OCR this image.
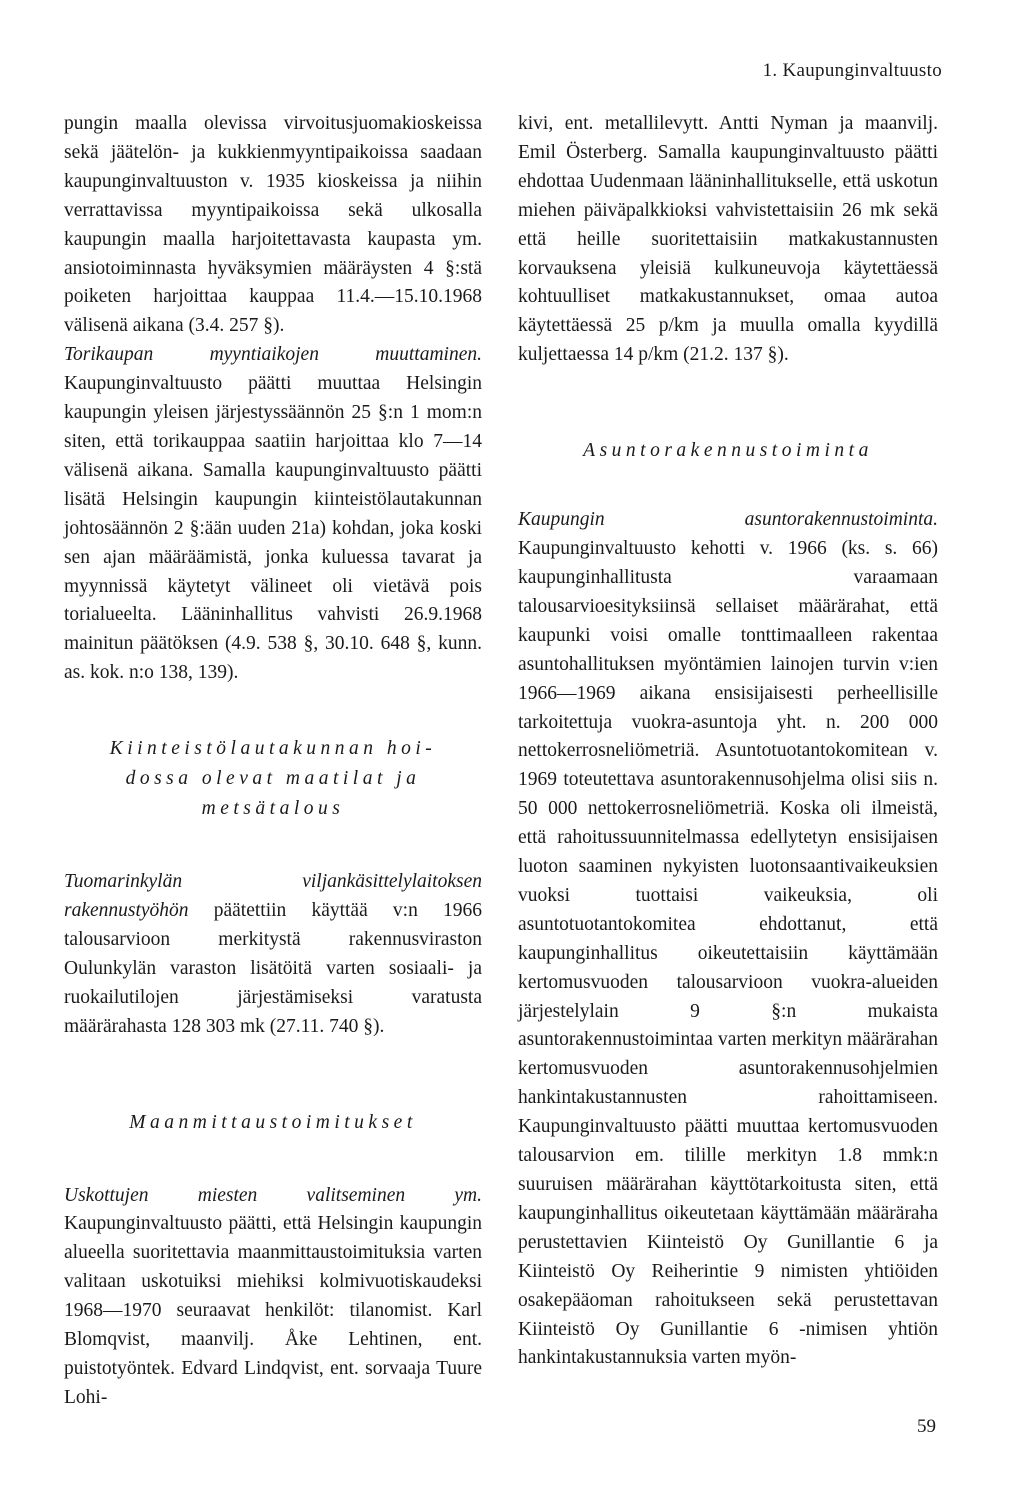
1. Kaupunginvaltuusto

pungin maalla olevissa virvoitusjuomakioskeissa sekä jäätelön- ja kukkienmyyntipaikoissa saadaan kaupunginvaltuuston v. 1935 kioskeissa ja niihin verrattavissa myyntipaikoissa sekä ulkosalla kaupungin maalla harjoitettavasta kaupasta ym. ansiotoiminnasta hyväksymien määräysten 4 §:stä poiketen harjoittaa kauppaa 11.4.—15.10.1968 välisenä aikana (3.4. 257 §).

Torikaupan myyntiaikojen muuttaminen. Kaupunginvaltuusto päätti muuttaa Helsingin kaupungin yleisen järjestyssäännön 25 §:n 1 mom:n siten, että torikauppaa saatiin harjoittaa klo 7—14 välisenä aikana. Samalla kaupunginvaltuusto päätti lisätä Helsingin kaupungin kiinteistölautakunnan johtosäännön 2 §:ään uuden 21a) kohdan, joka koski sen ajan määräämistä, jonka kuluessa tavarat ja myynnissä käytetyt välineet oli vietävä pois torialueelta. Lääninhallitus vahvisti 26.9.1968 mainitun päätöksen (4.9. 538 §, 30.10. 648 §, kunn. as. kok. n:o 138, 139).

Kiinteistölautakunnan hoi-
dossa olevat maatilat ja
metsätalous

Tuomarinkylän viljankäsittelylaitoksen rakennustyöhön päätettiin käyttää v:n 1966 talousarvioon merkitystä rakennusviraston Oulunkylän varaston lisätöitä varten sosiaali- ja ruokailutilojen järjestämiseksi varatusta määrärahasta 128 303 mk (27.11. 740 §).

Maanmittaustoimitukset

Uskottujen miesten valitseminen ym. Kaupunginvaltuusto päätti, että Helsingin kaupungin alueella suoritettavia maanmittaustoimituksia varten valitaan uskotuiksi miehiksi kolmivuotiskaudeksi 1968—1970 seuraavat henkilöt: tilanomist. Karl Blomqvist, maanvilj. Åke Lehtinen, ent. puistotyöntek. Edvard Lindqvist, ent. sorvaaja Tuure Lohi-

kivi, ent. metallilevytt. Antti Nyman ja maanvilj. Emil Österberg. Samalla kaupunginvaltuusto päätti ehdottaa Uudenmaan lääninhallitukselle, että uskotun miehen päiväpalkkioksi vahvistettaisiin 26 mk sekä että heille suoritettaisiin matkakustannusten korvauksena yleisiä kulkuneuvoja käytettäessä kohtuulliset matkakustannukset, omaa autoa käytettäessä 25 p/km ja muulla omalla kyydillä kuljettaessa 14 p/km (21.2. 137 §).

Asuntorakennustoiminta

Kaupungin asuntorakennustoiminta. Kaupunginvaltuusto kehotti v. 1966 (ks. s. 66) kaupunginhallitusta varaamaan talousarvioesityksiinsä sellaiset määrärahat, että kaupunki voisi omalle tonttimaalleen rakentaa asuntohallituksen myöntämien lainojen turvin v:ien 1966—1969 aikana ensisijaisesti perheellisille tarkoitettuja vuokra-asuntoja yht. n. 200 000 nettokerrosneliömetriä. Asuntotuotantokomitean v. 1969 toteutettava asuntorakennusohjelma olisi siis n. 50 000 nettokerrosneliömetriä. Koska oli ilmeistä, että rahoitussuunnitelmassa edellytetyn ensisijaisen luoton saaminen nykyisten luotonsaantivaikeuksien vuoksi tuottaisi vaikeuksia, oli asuntotuotantokomitea ehdottanut, että kaupunginhallitus oikeutettaisiin käyttämään kertomusvuoden talousarvioon vuokra-alueiden järjestelylain 9 §:n mukaista asuntorakennustoimintaa varten merkityn määrärahan kertomusvuoden asuntorakennusohjelmien hankintakustannusten rahoittamiseen. Kaupunginvaltuusto päätti muuttaa kertomusvuoden talousarvion em. tilille merkityn 1.8 mmk:n suuruisen määrärahan käyttötarkoitusta siten, että kaupunginhallitus oikeutetaan käyttämään määräraha perustettavien Kiinteistö Oy Gunillantie 6 ja Kiinteistö Oy Reiherintie 9 nimisten yhtiöiden osakepääoman rahoitukseen sekä perustettavan Kiinteistö Oy Gunillantie 6 -nimisen yhtiön hankintakustannuksia varten myön-

59
